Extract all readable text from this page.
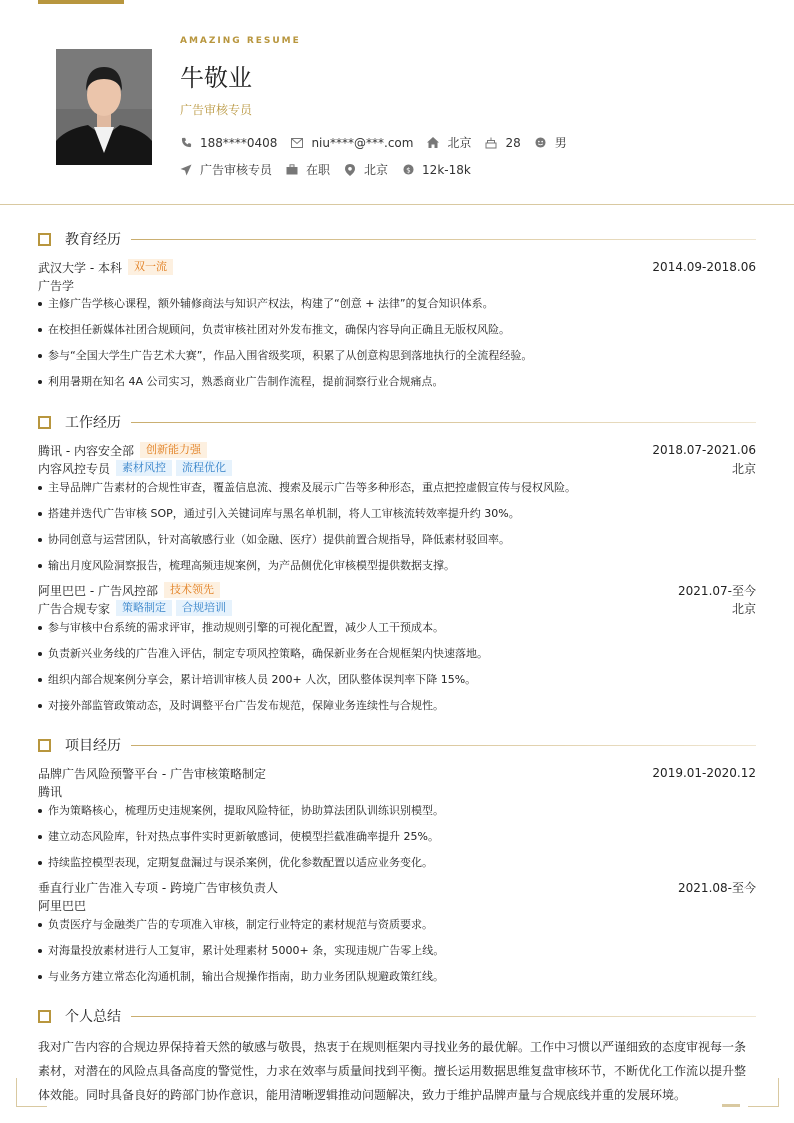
AMAZING RESUME
牛敬业
广告审核专员
188****0408	niu****@***.com	北京	28	男
广告审核专员	在职	北京 $ 12k-18k
教育经历
武汉大学 - 本科	双一流	2014.09-2018.06
广告学
主修广告学核心课程，额外辅修商法与知识产权法，构建了“创意 + 法律”的复合知识体系。
在校担任新媒体社团合规顾问，负责审核社团对外发布推文，确保内容导向正确且无版权风险。
参与“全国大学生广告艺术大赛”，作品入围省级奖项，积累了从创意构思到落地执行的全流程经验。
利用暑期在知名 4A 公司实习，熟悉商业广告制作流程，提前洞察行业合规痛点。
工作经历
腾讯 - 内容安全部	创新能力强	2018.07-2021.06
内容风控专员	素材风控	流程优化	北京
主导品牌广告素材的合规性审查，覆盖信息流、搜索及展示广告等多种形态，重点把控虚假宣传与侵权风险。
搭建并迭代广告审核 SOP，通过引入关键词库与黑名单机制，将人工审核流转效率提升约 30%。
协同创意与运营团队，针对高敏感行业（如金融、医疗）提供前置合规指导，降低素材驳回率。
输出月度风险洞察报告，梳理高频违规案例，为产品侧优化审核模型提供数据支撑。
阿里巴巴 - 广告风控部	技术领先	2021.07-至今
广告合规专家	策略制定	合规培训	北京
参与审核中台系统的需求评审，推动规则引擎的可视化配置，减少人工干预成本。
负责新兴业务线的广告准入评估，制定专项风控策略，确保新业务在合规框架内快速落地。
组织内部合规案例分享会，累计培训审核人员 200+ 人次，团队整体误判率下降 15%。
对接外部监管政策动态，及时调整平台广告发布规范，保障业务连续性与合规性。
项目经历
品牌广告风险预警平台 - 广告审核策略制定	2019.01-2020.12
腾讯
作为策略核心，梳理历史违规案例，提取风险特征，协助算法团队训练识别模型。
建立动态风险库，针对热点事件实时更新敏感词，使模型拦截准确率提升 25%。
持续监控模型表现，定期复盘漏过与误杀案例，优化参数配置以适应业务变化。
垂直行业广告准入专项 - 跨境广告审核负责人	2021.08-至今
阿里巴巴
负责医疗与金融类广告的专项准入审核，制定行业特定的素材规范与资质要求。
对海量投放素材进行人工复审，累计处理素材 5000+ 条，实现违规广告零上线。
与业务方建立常态化沟通机制，输出合规操作指南，助力业务团队规避政策红线。
个人总结
我对广告内容的合规边界保持着天然的敏感与敬畏，热衷于在规则框架内寻找业务的最优解。工作中习惯以严谨细致的态度审视每一条素材，对潜在的风险点具备高度的警觉性，力求在效率与质量间找到平衡。擅长运用数据思维复盘审核环节，不断优化工作流以提升整体效能。同时具备良好的跨部门协作意识，能用清晰逻辑推动问题解决，致力于维护品牌声量与合规底线并重的发展环境。
